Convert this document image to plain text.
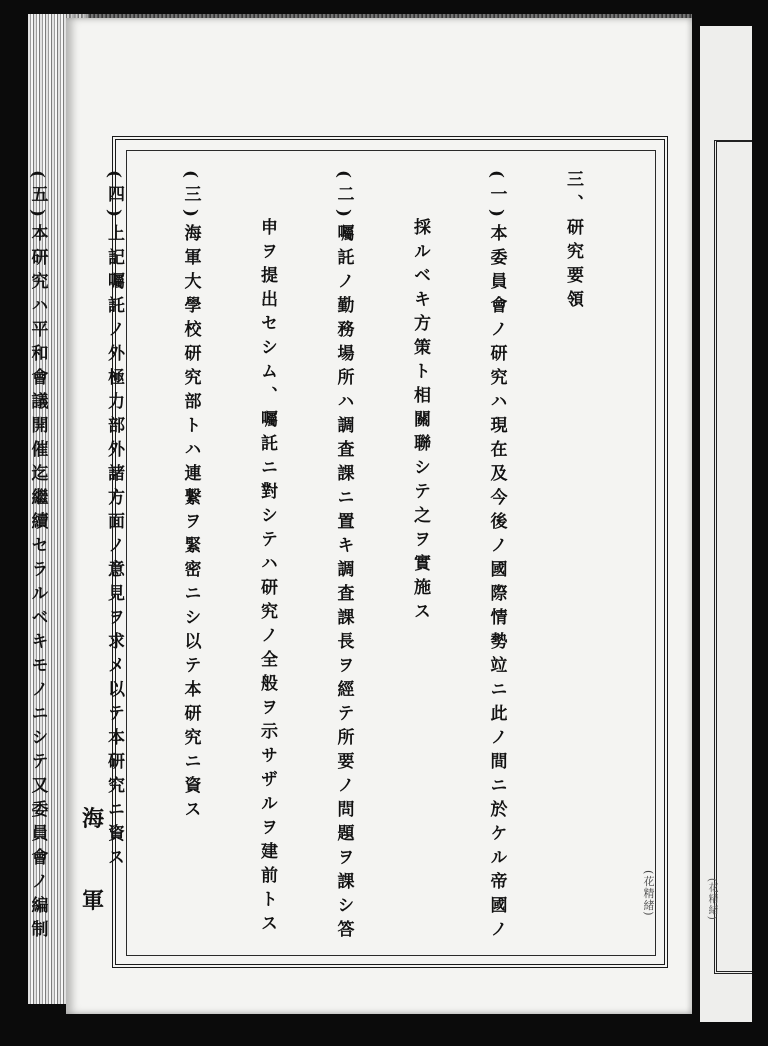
(花精緒)

三、研究要領

(一)本委員會ノ研究ハ現在及今後ノ國際情勢竝ニ此ノ間ニ於ケル帝國ノ

　　採ルベキ方策ト相關聯シテ之ヲ實施ス

(二)囑託ノ勤務場所ハ調査課ニ置キ調査課長ヲ經テ所要ノ問題ヲ課シ答

　　申ヲ提出セシム、囑託ニ對シテハ研究ノ全般ヲ示サザルヲ建前トス

(三)海軍大學校研究部トハ連繋ヲ緊密ニシ以テ本研究ニ資ス

(四)上記囑託ノ外極力部外諸方面ノ意見ヲ求メ以テ本研究ニ資ス

(五)本研究ハ平和會議開催迄繼續セラルベキモノニシテ又委員會ノ編制

	(花精緒)
海
軍
